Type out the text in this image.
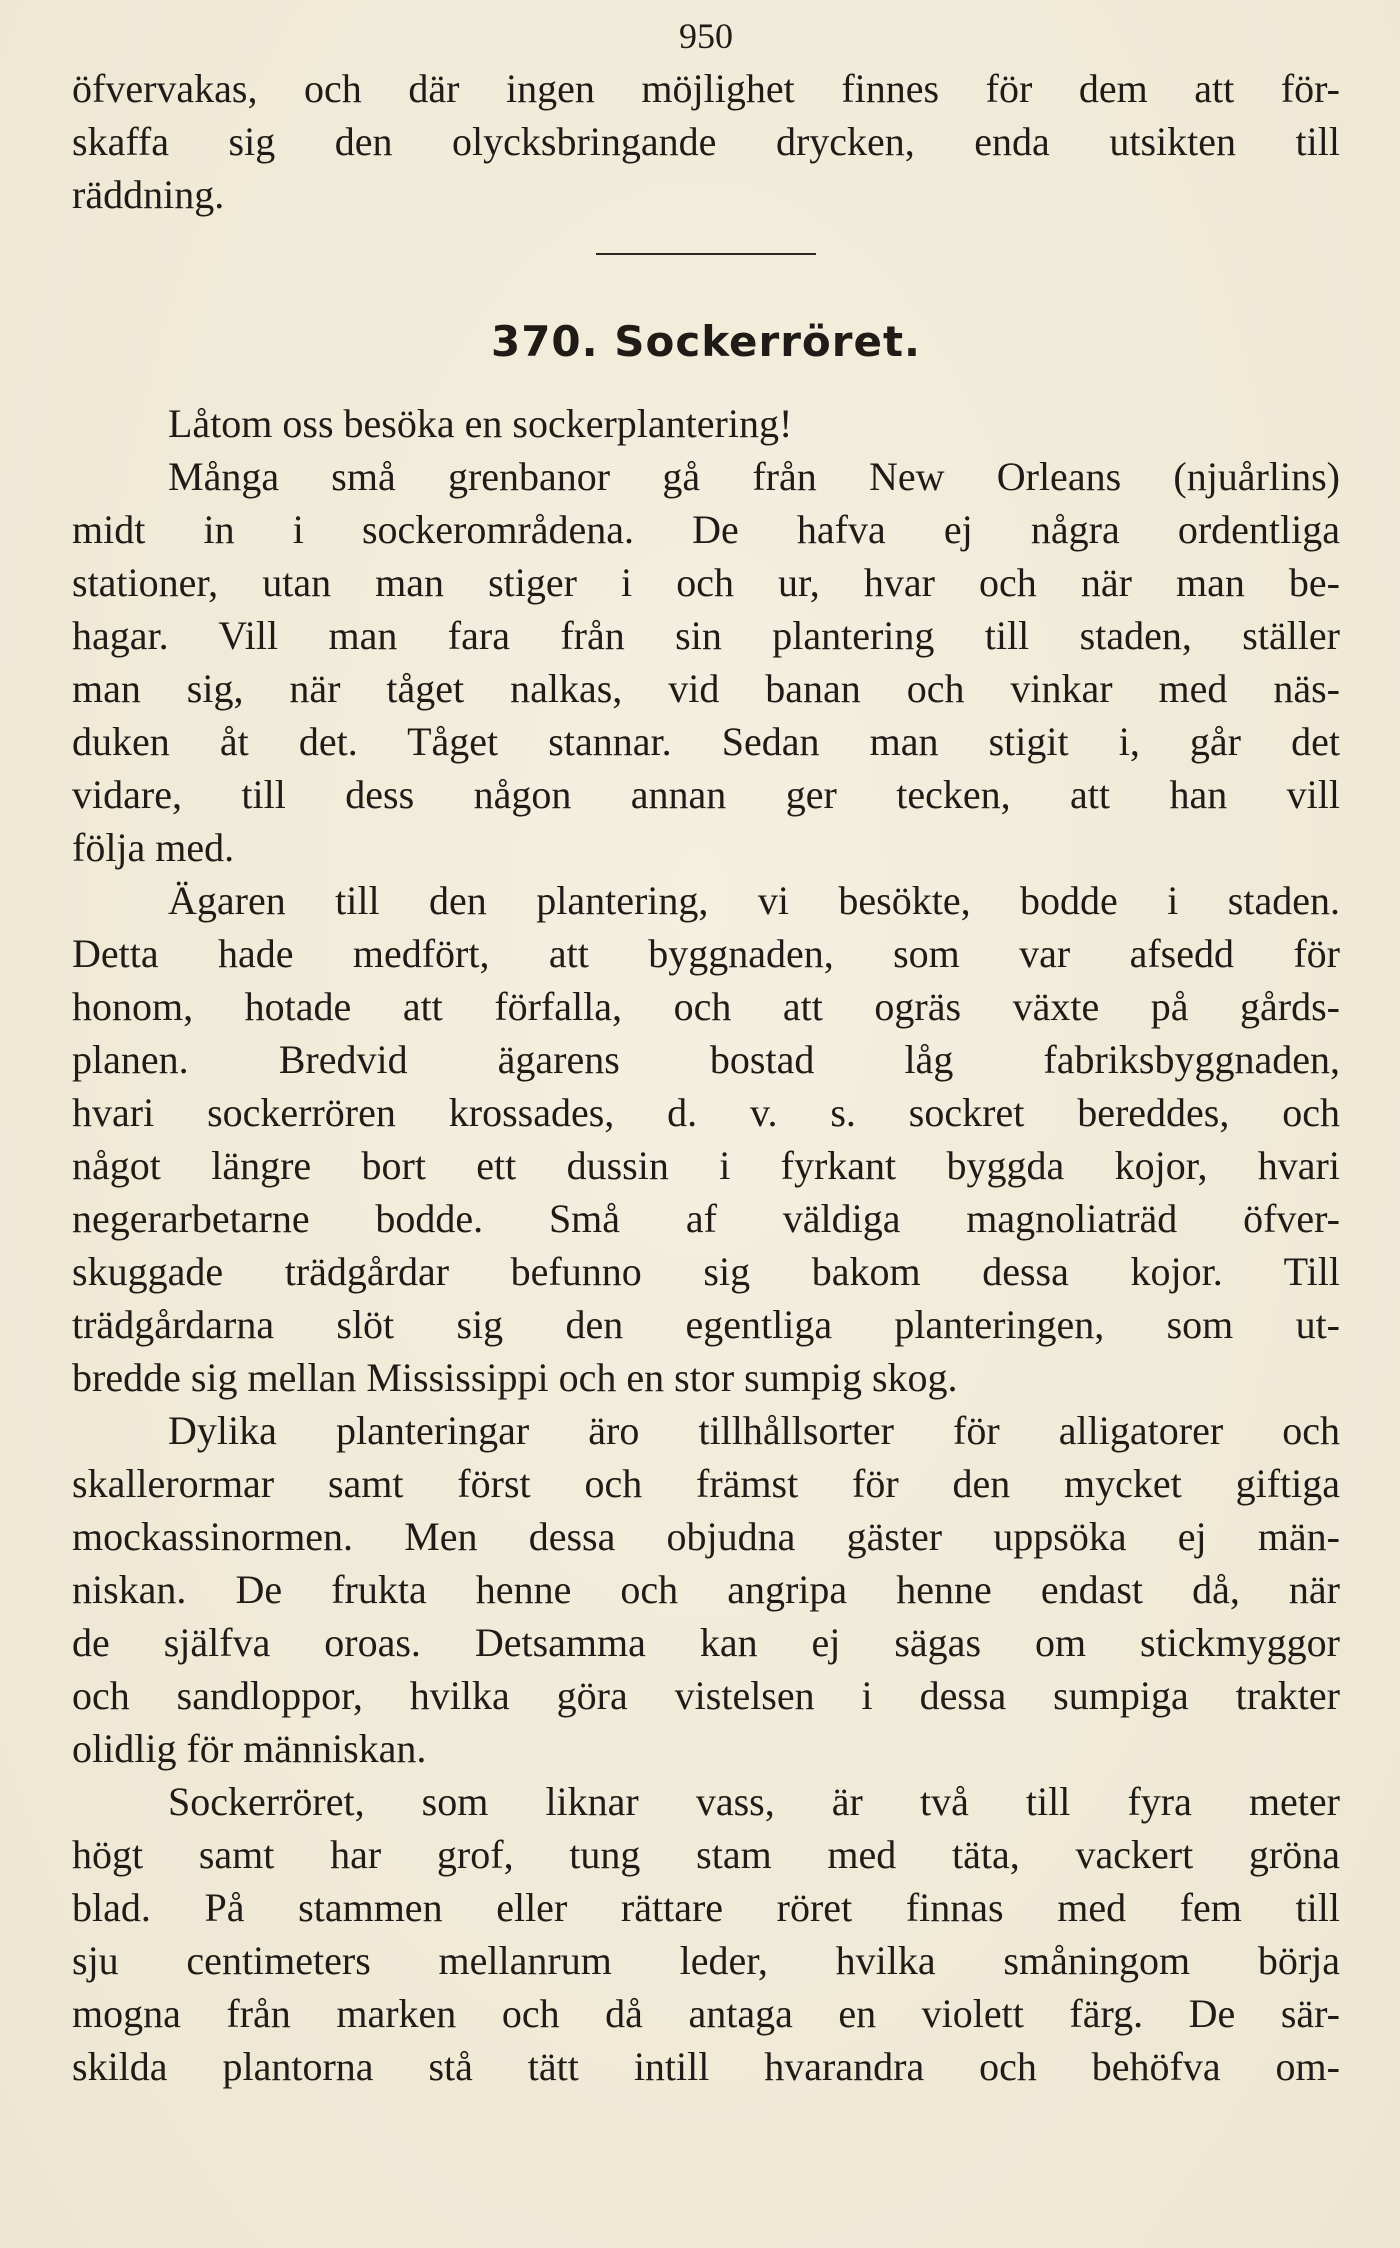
950
öfvervakas, och där ingen möjlighet finnes för dem att för-
skaffa sig den olycksbringande drycken, enda utsikten till
räddning.
370. Sockerröret.
Låtom oss besöka en sockerplantering!
Många små grenbanor gå från New Orleans (njuårlins)
midt in i sockerområdena. De hafva ej några ordentliga
stationer, utan man stiger i och ur, hvar och när man be-
hagar. Vill man fara från sin plantering till staden, ställer
man sig, när tåget nalkas, vid banan och vinkar med näs-
duken åt det. Tåget stannar. Sedan man stigit i, går det
vidare, till dess någon annan ger tecken, att han vill
följa med.
Ägaren till den plantering, vi besökte, bodde i staden.
Detta hade medfört, att byggnaden, som var afsedd för
honom, hotade att förfalla, och att ogräs växte på gårds-
planen. Bredvid ägarens bostad låg fabriksbyggnaden,
hvari sockerrören krossades, d. v. s. sockret bereddes, och
något längre bort ett dussin i fyrkant byggda kojor, hvari
negerarbetarne bodde. Små af väldiga magnoliaträd öfver-
skuggade trädgårdar befunno sig bakom dessa kojor. Till
trädgårdarna slöt sig den egentliga planteringen, som ut-
bredde sig mellan Mississippi och en stor sumpig skog.
Dylika planteringar äro tillhållsorter för alligatorer och
skallerormar samt först och främst för den mycket giftiga
mockassinormen. Men dessa objudna gäster uppsöka ej män-
niskan. De frukta henne och angripa henne endast då, när
de själfva oroas. Detsamma kan ej sägas om stickmyggor
och sandloppor, hvilka göra vistelsen i dessa sumpiga trakter
olidlig för människan.
Sockerröret, som liknar vass, är två till fyra meter
högt samt har grof, tung stam med täta, vackert gröna
blad. På stammen eller rättare röret finnas med fem till
sju centimeters mellanrum leder, hvilka småningom börja
mogna från marken och då antaga en violett färg. De sär-
skilda plantorna stå tätt intill hvarandra och behöfva om-
